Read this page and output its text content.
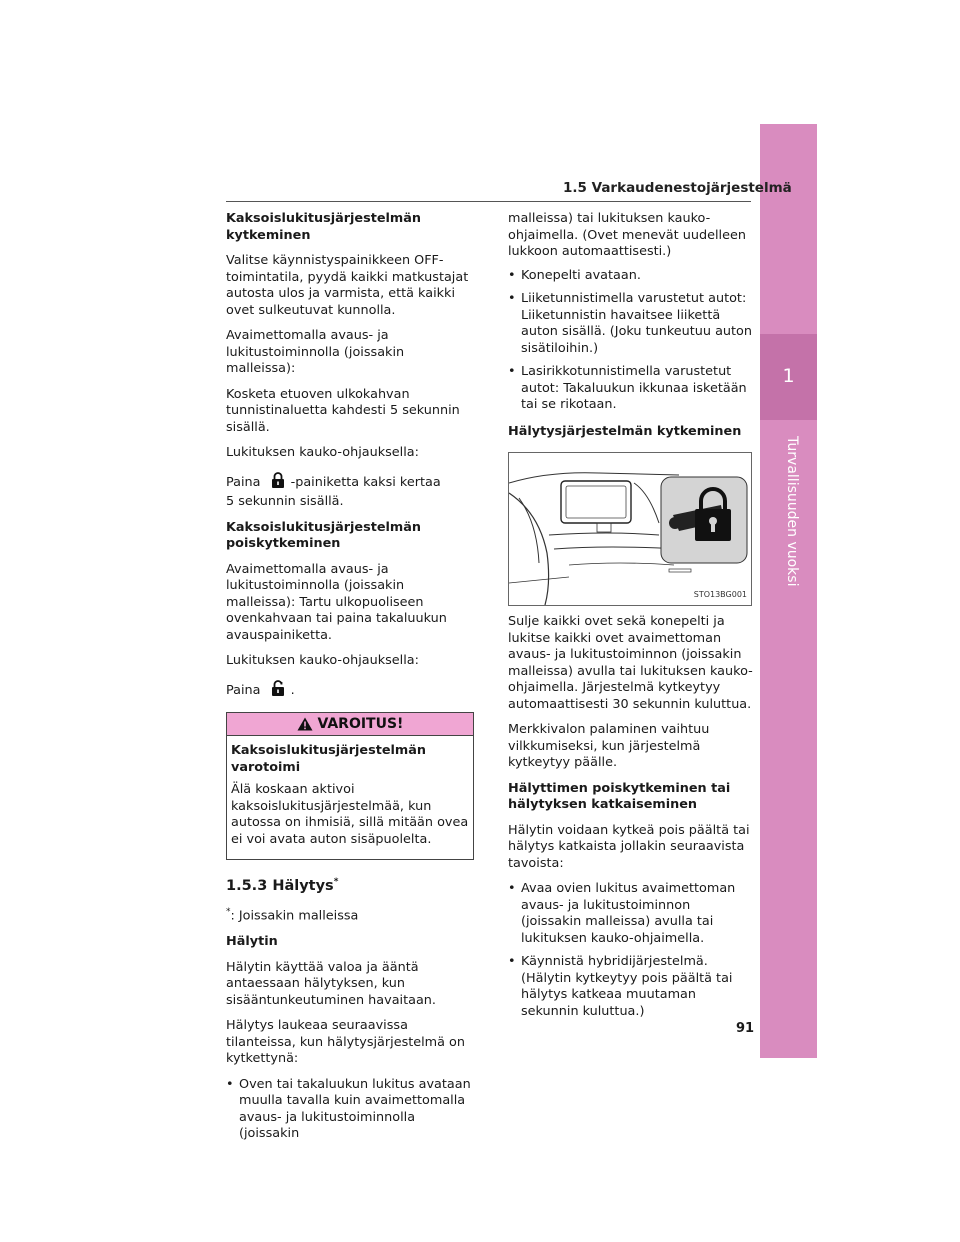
1
Turvallisuuden vuoksi
1.5 Varkaudenestojärjestelmä

Kaksoislukitusjärjestelmän kytkeminen

Valitse käynnistyspainikkeen OFF-toimintatila, pyydä kaikki matkustajat autosta ulos ja varmista, että kaikki ovet sulkeutuvat kunnolla.

Avaimettomalla avaus- ja lukitustoiminnolla (joissakin malleissa):

Kosketa etuoven ulkokahvan tunnistinaluetta kahdesti 5 sekunnin sisällä.

Lukituksen kauko-ohjauksella:

Paina -painiketta kaksi kertaa
5 sekunnin sisällä.

Kaksoislukitusjärjestelmän poiskytkeminen

Avaimettomalla avaus- ja lukitustoiminnolla (joissakin malleissa): Tartu ulkopuoliseen ovenkahvaan tai paina takaluukun avauspainiketta.

Lukituksen kauko-ohjauksella:

Paina .

VAROITUS!

Kaksoislukitusjärjestelmän varotoimi

Älä koskaan aktivoi kaksoislukitusjärjestelmää, kun autossa on ihmisiä, sillä mitään ovea ei voi avata auton sisäpuolelta.

1.5.3 Hälytys*

*: Joissakin malleissa

Hälytin

Hälytin käyttää valoa ja ääntä antaessaan hälytyksen, kun sisääntunkeutuminen havaitaan.

Hälytys laukeaa seuraavissa tilanteissa, kun hälytysjärjestelmä on kytkettynä:

• Oven tai takaluukun lukitus avataan muulla tavalla kuin avaimettomalla avaus- ja lukitustoiminnolla (joissakin
malleissa) tai lukituksen kauko-ohjaimella. (Ovet menevät uudelleen lukkoon automaattisesti.)
• Konepelti avataan.
• Liiketunnistimella varustetut autot: Liiketunnistin havaitsee liikettä auton sisällä. (Joku tunkeutuu auton sisätiloihin.)
• Lasirikkotunnistimella varustetut autot: Takaluukun ikkunaa isketään tai se rikotaan.

Hälytysjärjestelmän kytkeminen

STO13BG001

Sulje kaikki ovet sekä konepelti ja lukitse kaikki ovet avaimettoman avaus- ja lukitustoiminnon (joissakin malleissa) avulla tai lukituksen kauko-ohjaimella. Järjestelmä kytkeytyy automaattisesti 30 sekunnin kuluttua.

Merkkivalon palaminen vaihtuu vilkkumiseksi, kun järjestelmä kytkeytyy päälle.

Hälyttimen poiskytkeminen tai hälytyksen katkaiseminen

Hälytin voidaan kytkeä pois päältä tai hälytys katkaista jollakin seuraavista tavoista:

• Avaa ovien lukitus avaimettoman avaus- ja lukitustoiminnon (joissakin malleissa) avulla tai lukituksen kauko-ohjaimella.
• Käynnistä hybridijärjestelmä. (Hälytin kytkeytyy pois päältä tai hälytys katkeaa muutaman sekunnin kuluttua.)
91
